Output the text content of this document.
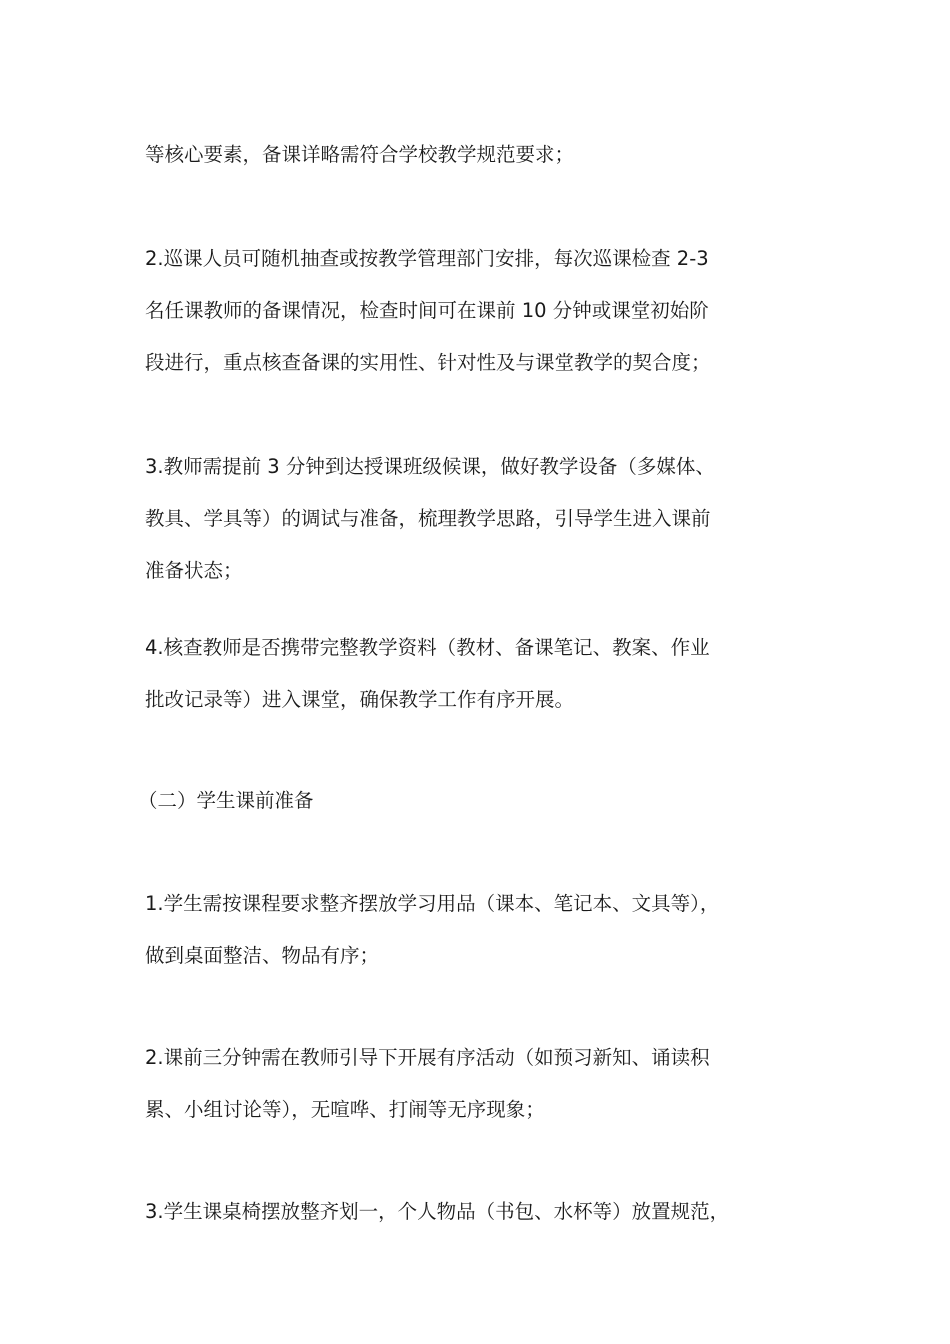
等核心要素，备课详略需符合学校教学规范要求；
2.巡课人员可随机抽查或按教学管理部门安排，每次巡课检查 2-3
名任课教师的备课情况，检查时间可在课前 10 分钟或课堂初始阶
段进行，重点核查备课的实用性、针对性及与课堂教学的契合度；
3.教师需提前 3 分钟到达授课班级候课，做好教学设备（多媒体、
教具、学具等）的调试与准备，梳理教学思路，引导学生进入课前
准备状态；
4.核查教师是否携带完整教学资料（教材、备课笔记、教案、作业
批改记录等）进入课堂，确保教学工作有序开展。
（二）学生课前准备
1.学生需按课程要求整齐摆放学习用品（课本、笔记本、文具等），
做到桌面整洁、物品有序；
2.课前三分钟需在教师引导下开展有序活动（如预习新知、诵读积
累、小组讨论等），无喧哗、打闹等无序现象；
3.学生课桌椅摆放整齐划一，个人物品（书包、水杯等）放置规范，
